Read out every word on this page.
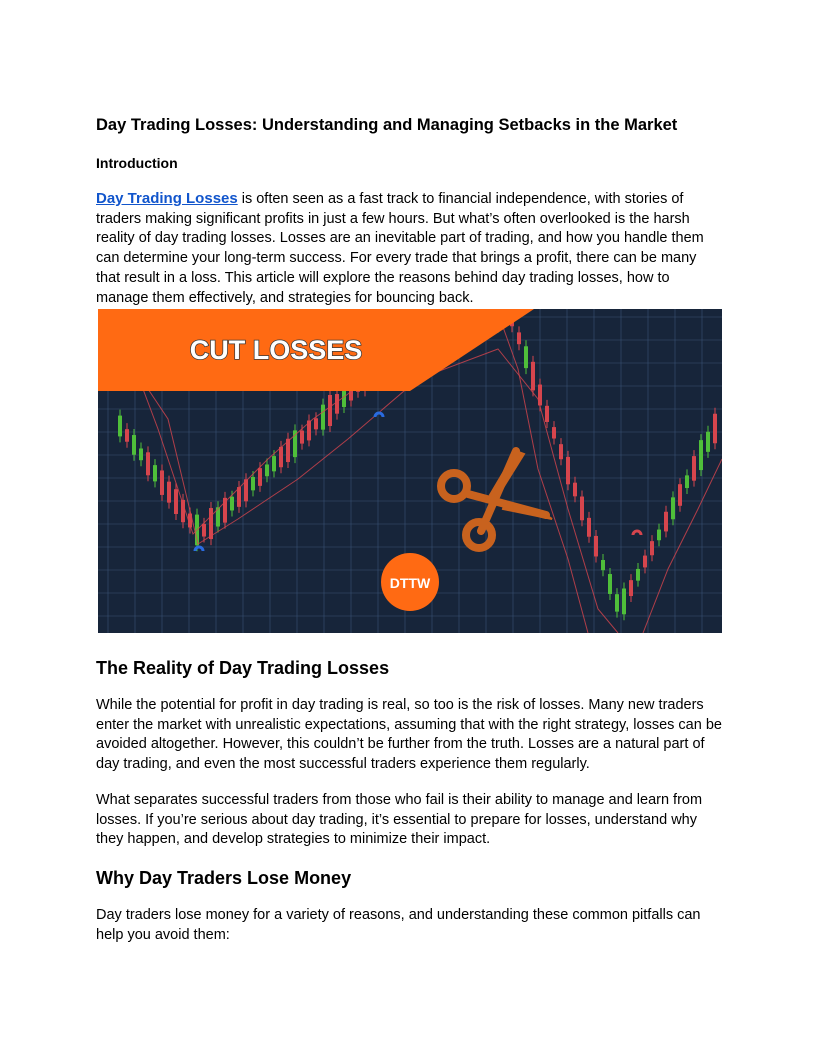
Day Trading Losses: Understanding and Managing Setbacks in the Market
Introduction

Day Trading Losses is often seen as a fast track to financial independence, with stories of traders making significant profits in just a few hours. But what’s often overlooked is the harsh reality of day trading losses. Losses are an inevitable part of trading, and how you handle them can determine your long-term success. For every trade that brings a profit, there can be many that result in a loss. This article will explore the reasons behind day trading losses, how to manage them effectively, and strategies for bouncing back.

CUT LOSSES
DTTW
The Reality of Day Trading Losses

While the potential for profit in day trading is real, so too is the risk of losses. Many new traders enter the market with unrealistic expectations, assuming that with the right strategy, losses can be avoided altogether. However, this couldn’t be further from the truth. Losses are a natural part of day trading, and even the most successful traders experience them regularly.

What separates successful traders from those who fail is their ability to manage and learn from losses. If you’re serious about day trading, it’s essential to prepare for losses, understand why they happen, and develop strategies to minimize their impact.

Why Day Traders Lose Money

Day traders lose money for a variety of reasons, and understanding these common pitfalls can help you avoid them:
